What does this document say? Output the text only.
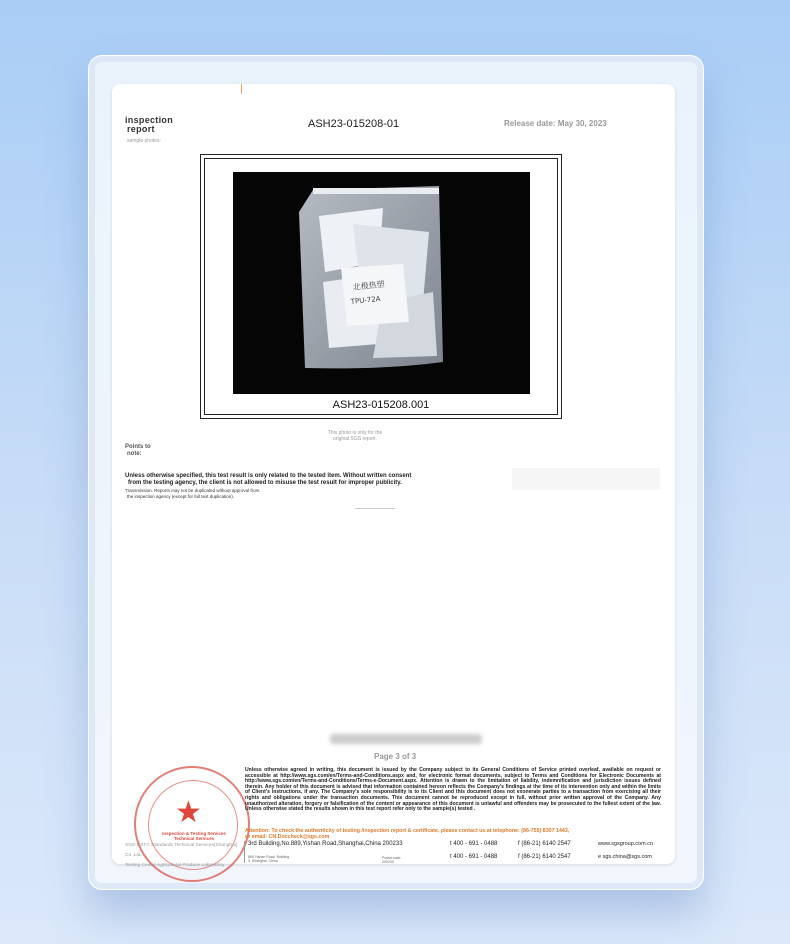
inspection
report
sample photos:
ASH23-015208-01	Release date: May 30, 2023
北极热塑
TPU-72A
ASH23-015208.001
This photo is only for the
original SGS report.
Points to
note:
Unless otherwise specified, this test result is only related to the tested item. Without written consent
from the testing agency, the client is not allowed to misuse the test result for improper publicity.
Transmission. Reports may not be duplicated without approval from
the inspection agency (except for full text duplication).
Page 3 of 3
★
Inspection & Testing Services
Technical Services
Unless otherwise agreed in writing, this document is issued by the Company subject to its General Conditions of Service printed overleaf, available on request or accessible at http://www.sgs.com/en/Terms-and-Conditions.aspx and, for electronic format documents, subject to Terms and Conditions for Electronic Documents at http://www.sgs.com/en/Terms-and-Conditions/Terms-e-Document.aspx. Attention is drawn to the limitation of liability, indemnification and jurisdiction issues defined therein. Any holder of this document is advised that information contained hereon reflects the Company's findings at the time of its intervention only and within the limits of Client's instructions, if any. The Company's sole responsibility is to its Client and this document does not exonerate parties to a transaction from exercising all their rights and obligations under the transaction documents. This document cannot be reproduced except in full, without prior written approval of the Company. Any unauthorized alteration, forgery or falsification of the content or appearance of this document is unlawful and offenders may be prosecuted to the fullest extent of the law. Unless otherwise stated the results shown in this test report refer only to the sample(s) tested .
Attention: To check the authenticity of testing /inspection report & certificate, please contact us at telephone: (86-755) 8307 1443,
or email: CN.Doccheck@sgs.com
SGS-CSTC Standards Technical Services(Shanghai) Co.,Ltd.
Testing Center Agricultural Produce Laboratory
3rd Building,No.889,Yishan Road,Shanghai,China 200233
889 Yishan Road, Building
3, Shanghai, China
Postal code:
200233
t 400 - 691 - 0488
t 400 - 691 - 0488
f (86-21) 6140 2547
f (86-21) 6140 2547
www.sgsgroup.com.cn
e sgs.china@sgs.com
